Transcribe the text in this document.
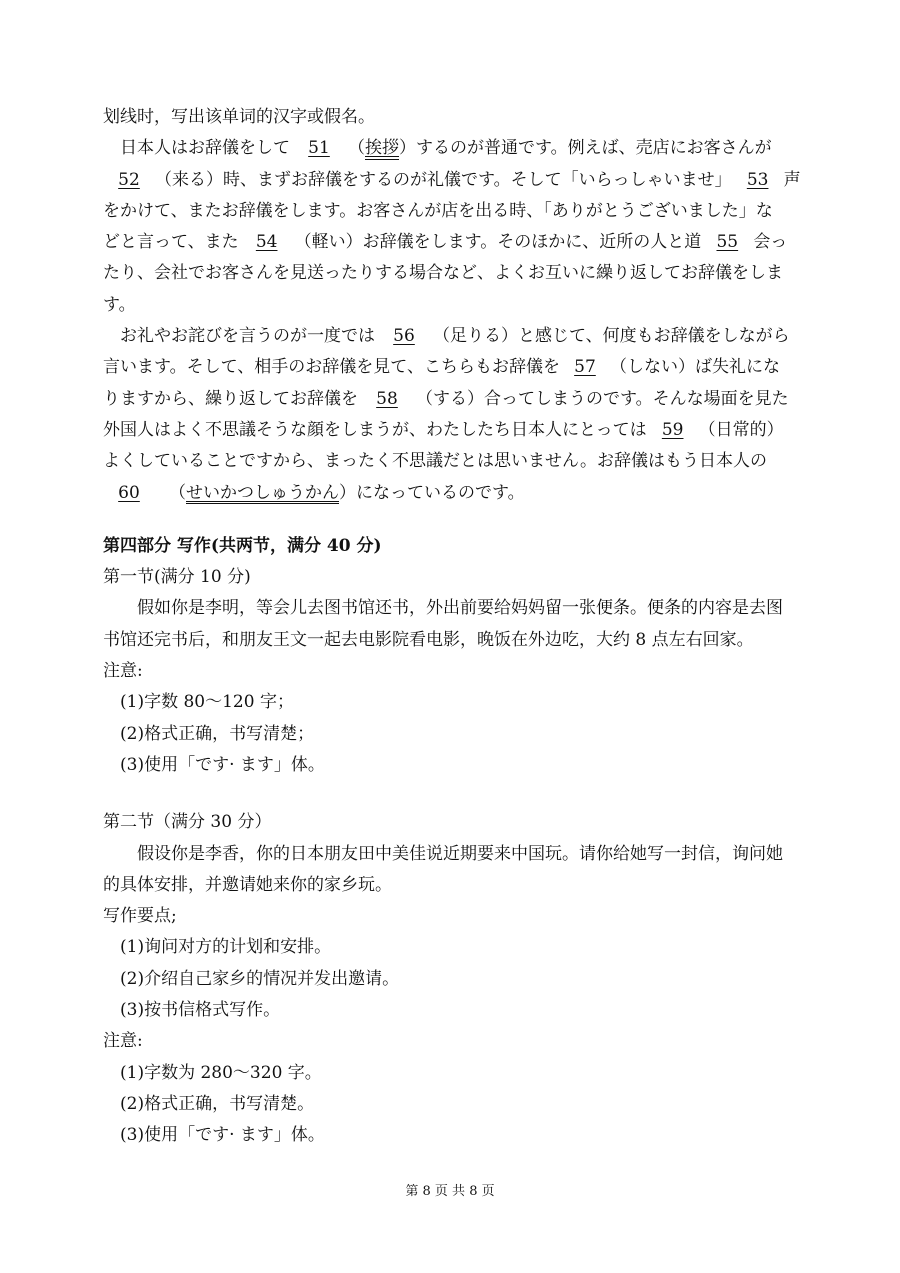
划线时，写出该单词的汉字或假名。
日本人はお辞儀をして 51 （挨拶）するのが普通です。例えば、売店にお客さんが
52 （来る）時、まずお辞儀をするのが礼儀です。そして「いらっしゃいませ」 53 声
をかけて、またお辞儀をします。お客さんが店を出る時、「ありがとうございました」な
どと言って、また 54 （軽い）お辞儀をします。そのほかに、近所の人と道 55 会っ
たり、会社でお客さんを見送ったりする場合など、よくお互いに繰り返してお辞儀をしま
す。
お礼やお詫びを言うのが一度では 56 （足りる）と感じて、何度もお辞儀をしながら
言います。そして、相手のお辞儀を見て、こちらもお辞儀を 57 （しない）ば失礼にな
りますから、繰り返してお辞儀を 58 （する）合ってしまうのです。そんな場面を見た
外国人はよく不思議そうな顔をしまうが、わたしたち日本人にとっては 59 （日常的）
よくしていることですから、まったく不思議だとは思いません。お辞儀はもう日本人の
60 （せいかつしゅうかん）になっているのです。
第四部分 写作(共两节，满分 40 分)
第一节(满分 10 分)
假如你是李明，等会儿去图书馆还书，外出前要给妈妈留一张便条。便条的内容是去图
书馆还完书后，和朋友王文一起去电影院看电影，晚饭在外边吃，大约 8 点左右回家。
注意:
(1)字数 80～120 字；
(2)格式正确，书写清楚；
(3)使用「です· ます」体。
第二节（满分 30 分）
假设你是李香，你的日本朋友田中美佳说近期要来中国玩。请你给她写一封信，询问她
的具体安排，并邀请她来你的家乡玩。
写作要点;
(1)询问对方的计划和安排。
(2)介绍自己家乡的情况并发出邀请。
(3)按书信格式写作。
注意:
(1)字数为 280～320 字。
(2)格式正确，书写清楚。
(3)使用「です· ます」体。
第 8 页 共 8 页
